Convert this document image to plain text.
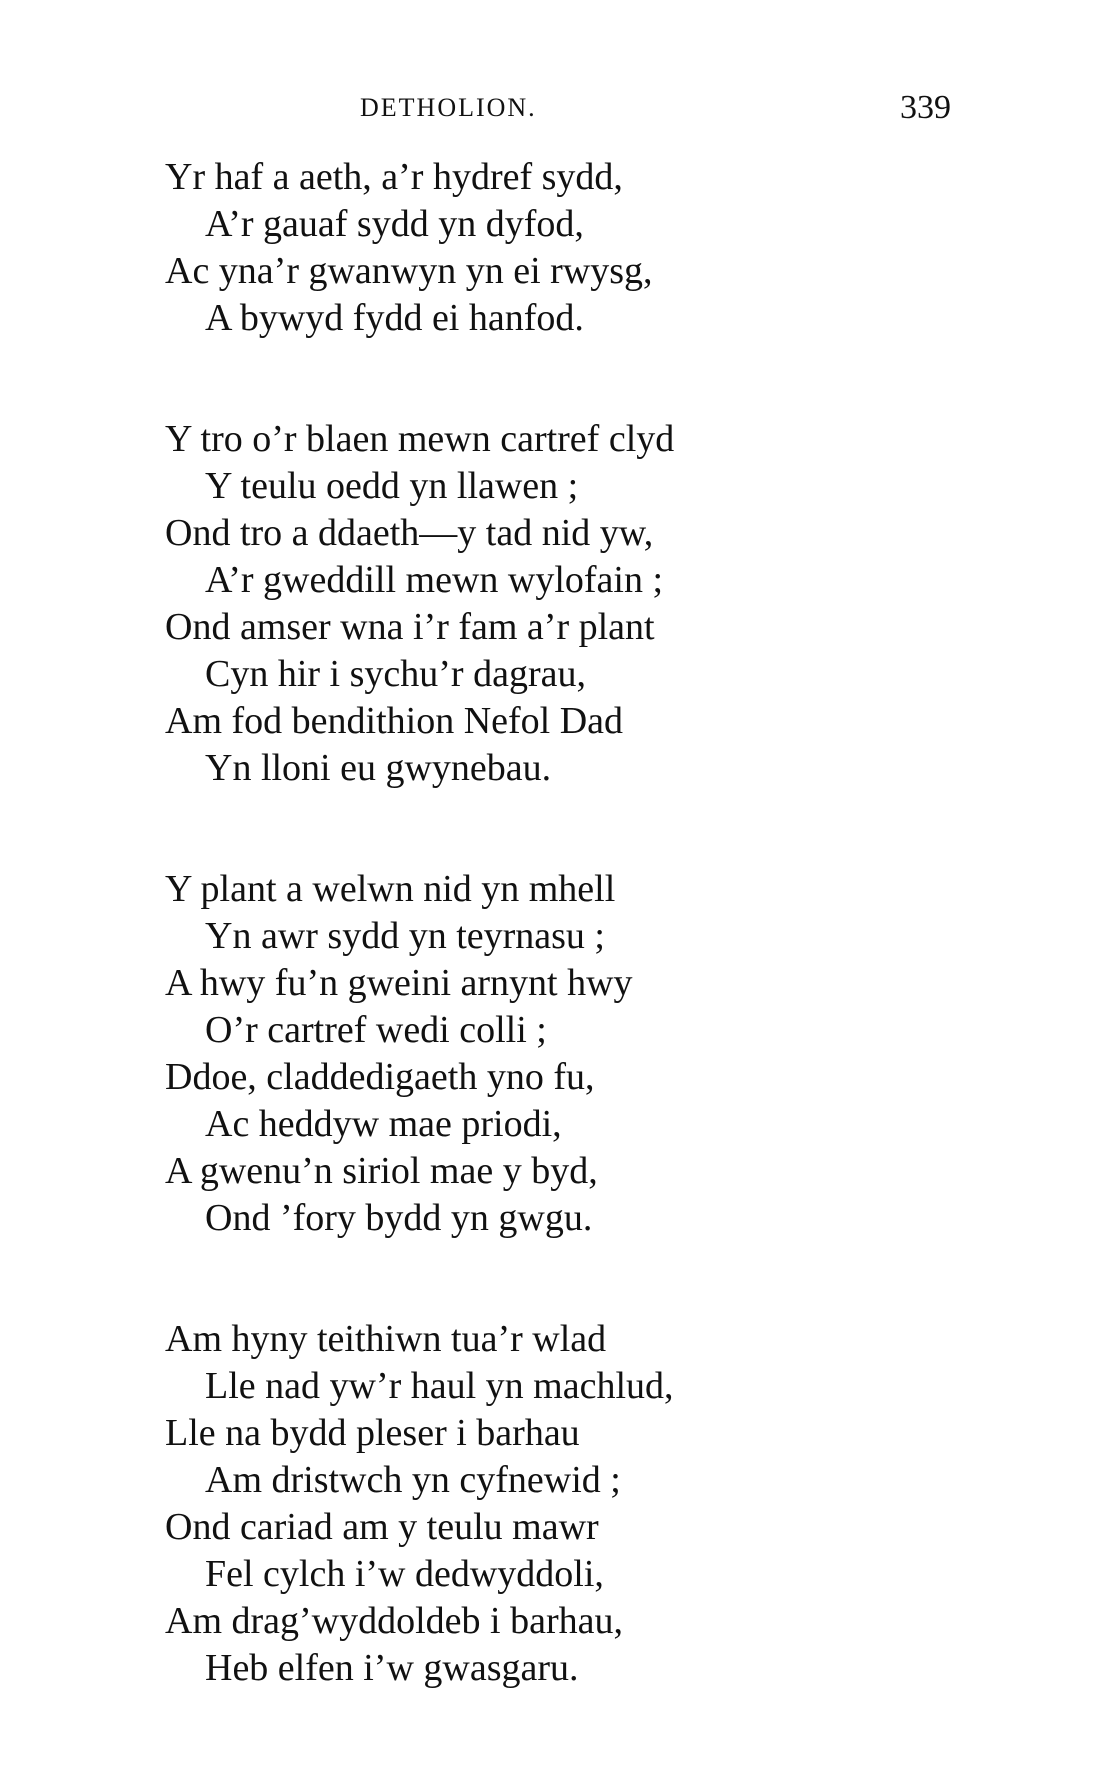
DETHOLION.	339
Yr haf a aeth, a’r hydref sydd,
A’r gauaf sydd yn dyfod,
Ac yna’r gwanwyn yn ei rwysg,
A bywyd fydd ei hanfod.
Y tro o’r blaen mewn cartref clyd
Y teulu oedd yn llawen ;
Ond tro a ddaeth—y tad nid yw,
A’r gweddill mewn wylofain ;
Ond amser wna i’r fam a’r plant
Cyn hir i sychu’r dagrau,
Am fod bendithion Nefol Dad
Yn lloni eu gwynebau.
Y plant a welwn nid yn mhell
Yn awr sydd yn teyrnasu ;
A hwy fu’n gweini arnynt hwy
O’r cartref wedi colli ;
Ddoe, claddedigaeth yno fu,
Ac heddyw mae priodi,
A gwenu’n siriol mae y byd,
Ond ’fory bydd yn gwgu.
Am hyny teithiwn tua’r wlad
Lle nad yw’r haul yn machlud,
Lle na bydd pleser i barhau
Am dristwch yn cyfnewid ;
Ond cariad am y teulu mawr
Fel cylch i’w dedwyddoli,
Am drag’wyddoldeb i barhau,
Heb elfen i’w gwasgaru.
